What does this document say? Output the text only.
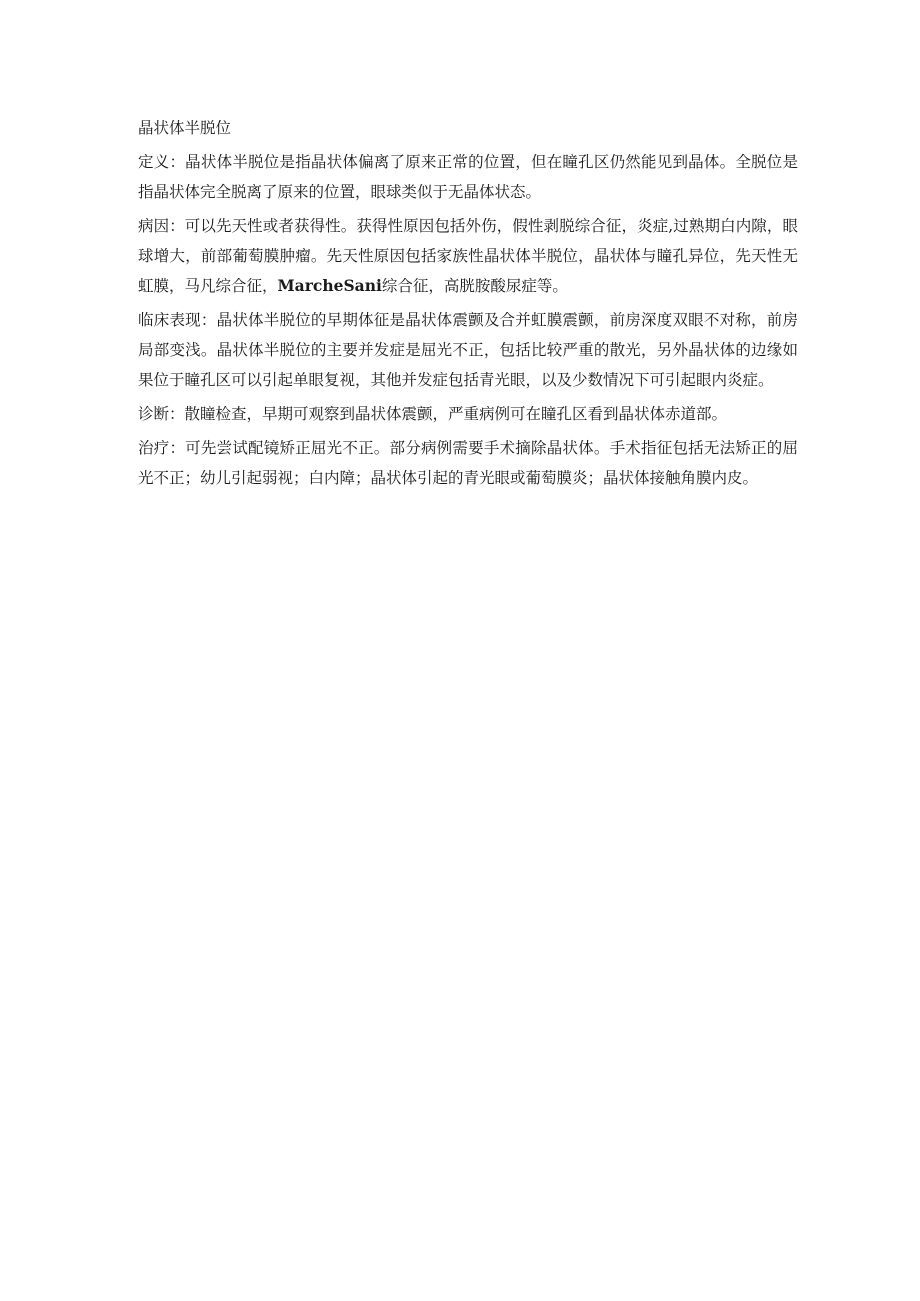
晶状体半脱位

定义：晶状体半脱位是指晶状体偏离了原来正常的位置，但在瞳孔区仍然能见到晶体。全脱位是指晶状体完全脱离了原来的位置，眼球类似于无晶体状态。

病因：可以先天性或者获得性。获得性原因包括外伤，假性剥脱综合征，炎症,过熟期白内隙，眼球增大，前部葡萄膜肿瘤。先天性原因包括家族性晶状体半脱位，晶状体与瞳孔异位，先天性无虹膜，马凡综合征，MarcheSani综合征，高胱胺酸尿症等。

临床表现：晶状体半脱位的早期体征是晶状体震颤及合并虹膜震颤，前房深度双眼不对称，前房局部变浅。晶状体半脱位的主要并发症是屈光不正，包括比较严重的散光，另外晶状体的边缘如果位于瞳孔区可以引起单眼复视，其他并发症包括青光眼，以及少数情况下可引起眼内炎症。

诊断：散瞳检查，早期可观察到晶状体震颤，严重病例可在瞳孔区看到晶状体赤道部。

治疗：可先尝试配镜矫正屈光不正。部分病例需要手术摘除晶状体。手术指征包括无法矫正的屈光不正；幼儿引起弱视；白内障；晶状体引起的青光眼或葡萄膜炎；晶状体接触角膜内皮。
